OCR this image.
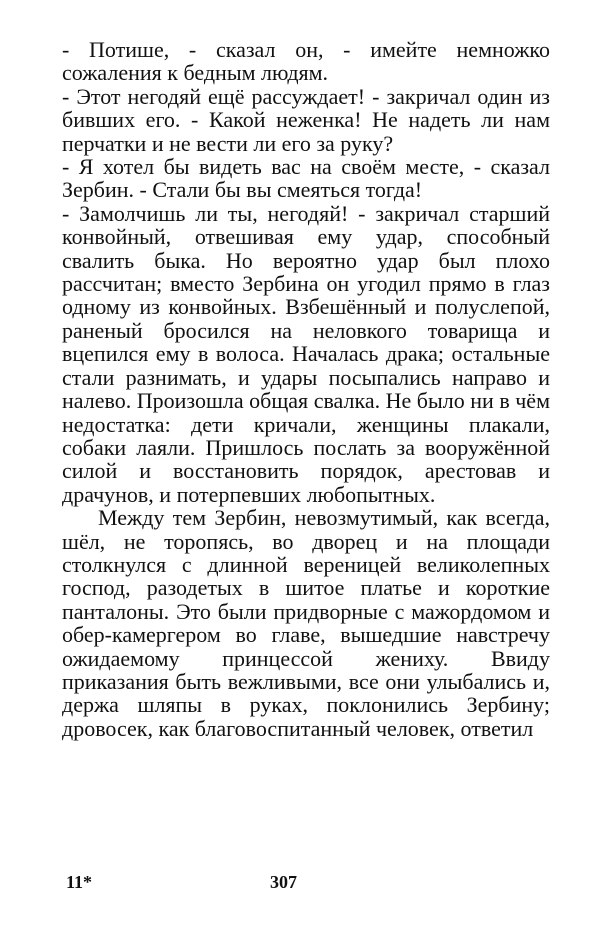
- Потише, - сказал он, - имейте немножко сожаления к бедным людям.

- Этот негодяй ещё рассуждает! - закричал один из бивших его. - Какой неженка! Не надеть ли нам перчатки и не вести ли его за руку?

- Я хотел бы видеть вас на своём месте, - сказал Зербин. - Стали бы вы смеяться тогда!

- Замолчишь ли ты, негодяй! - закричал старший конвойный, отвешивая ему удар, способный свалить быка. Но вероятно удар был плохо рассчитан; вместо Зербина он угодил прямо в глаз одному из конвойных. Взбешённый и полуслепой, раненый бросился на неловкого товарища и вцепился ему в волоса. Началась драка; остальные стали разнимать, и удары посыпались направо и налево. Произошла общая свалка. Не было ни в чём недостатка: дети кричали, женщины плакали, собаки лаяли. Пришлось послать за вооружённой силой и восстановить порядок, арестовав и драчунов, и потерпевших любопытных.

Между тем Зербин, невозмутимый, как всегда, шёл, не торопясь, во дворец и на площади столкнулся с длинной вереницей великолепных господ, разодетых в шитое платье и короткие панталоны. Это были придворные с мажордомом и обер-камергером во главе, вышедшие навстречу ожидаемому принцессой жениху. Ввиду приказания быть вежливыми, все они улыбались и, держа шляпы в руках, поклонились Зербину; дровосек, как благовоспитанный человек, ответил

11*	307
